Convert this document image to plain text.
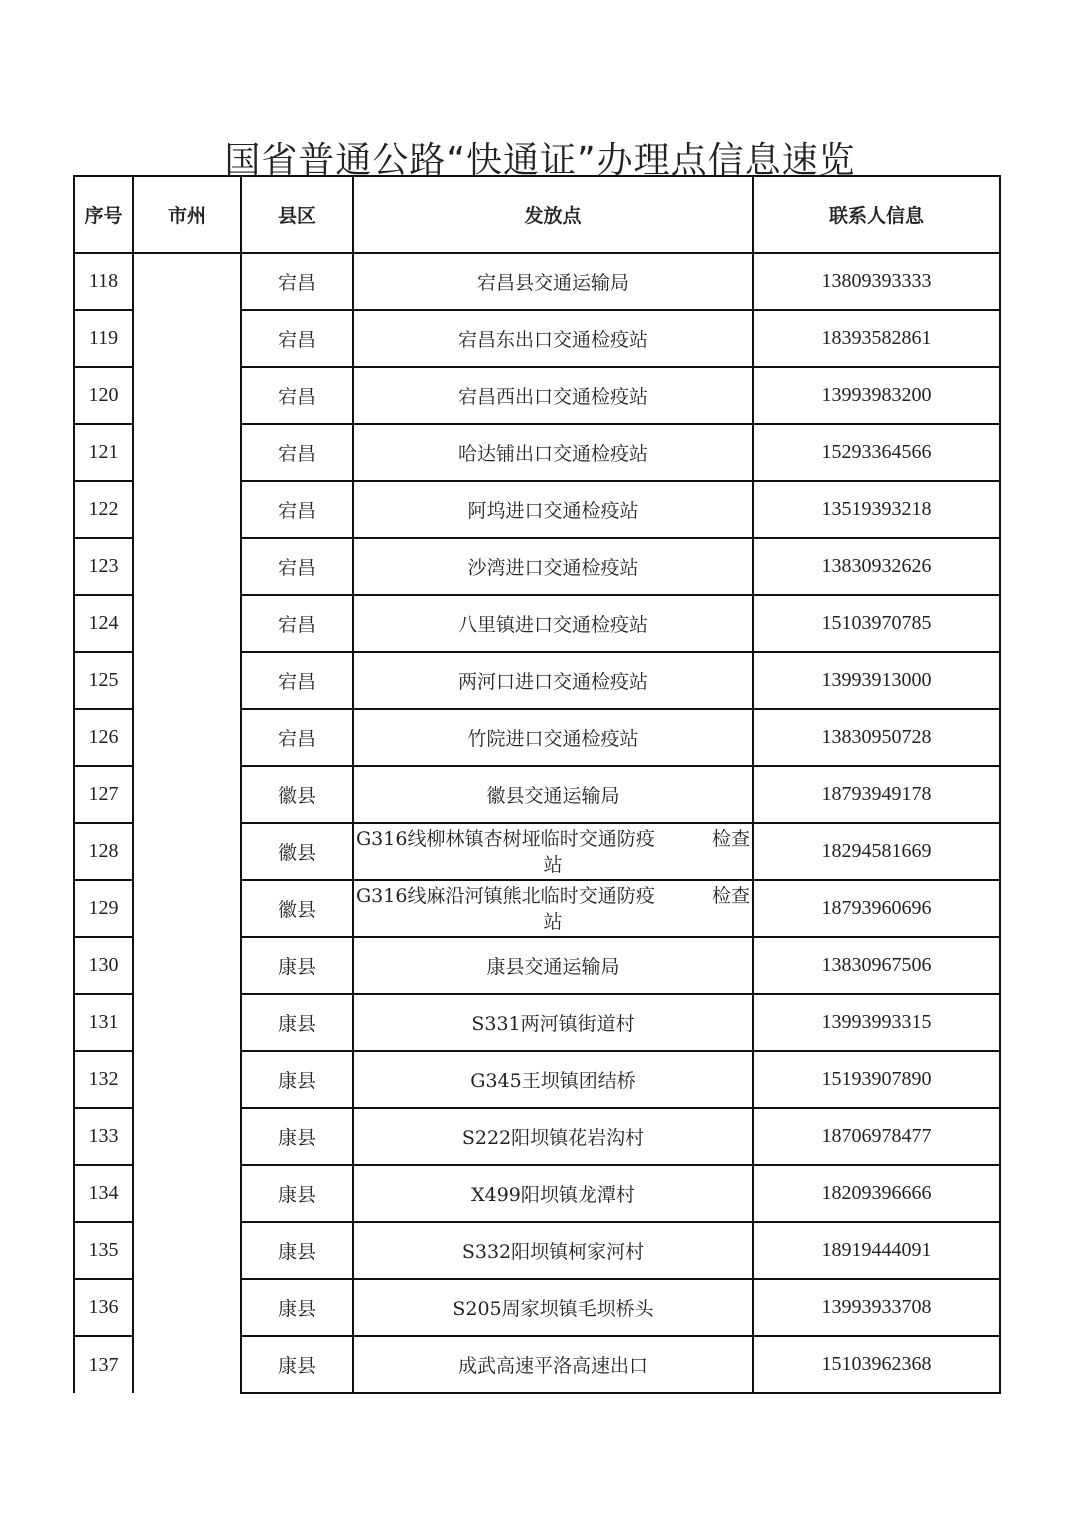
国省普通公路“快通证”办理点信息速览
序号	市州	县区	发放点	联系人信息
118		宕昌	宕昌县交通运输局	13809393333
119		宕昌	宕昌东出口交通检疫站	18393582861
120		宕昌	宕昌西出口交通检疫站	13993983200
121		宕昌	哈达铺出口交通检疫站	15293364566
122		宕昌	阿坞进口交通检疫站	13519393218
123		宕昌	沙湾进口交通检疫站	13830932626
124		宕昌	八里镇进口交通检疫站	15103970785
125		宕昌	两河口进口交通检疫站	13993913000
126		宕昌	竹院进口交通检疫站	13830950728
127		徽县	徽县交通运输局	18793949178
128		徽县	G316线柳林镇杏树垭临时交通防疫　　　检查站	18294581669
129		徽县	G316线麻沿河镇熊北临时交通防疫　　　检查站	18793960696
130		康县	康县交通运输局	13830967506
131		康县	S331两河镇街道村	13993993315
132		康县	G345王坝镇团结桥	15193907890
133		康县	S222阳坝镇花岩沟村	18706978477
134		康县	X499阳坝镇龙潭村	18209396666
135		康县	S332阳坝镇柯家河村	18919444091
136		康县	S205周家坝镇毛坝桥头	13993933708
137		康县	成武高速平洛高速出口	15103962368
